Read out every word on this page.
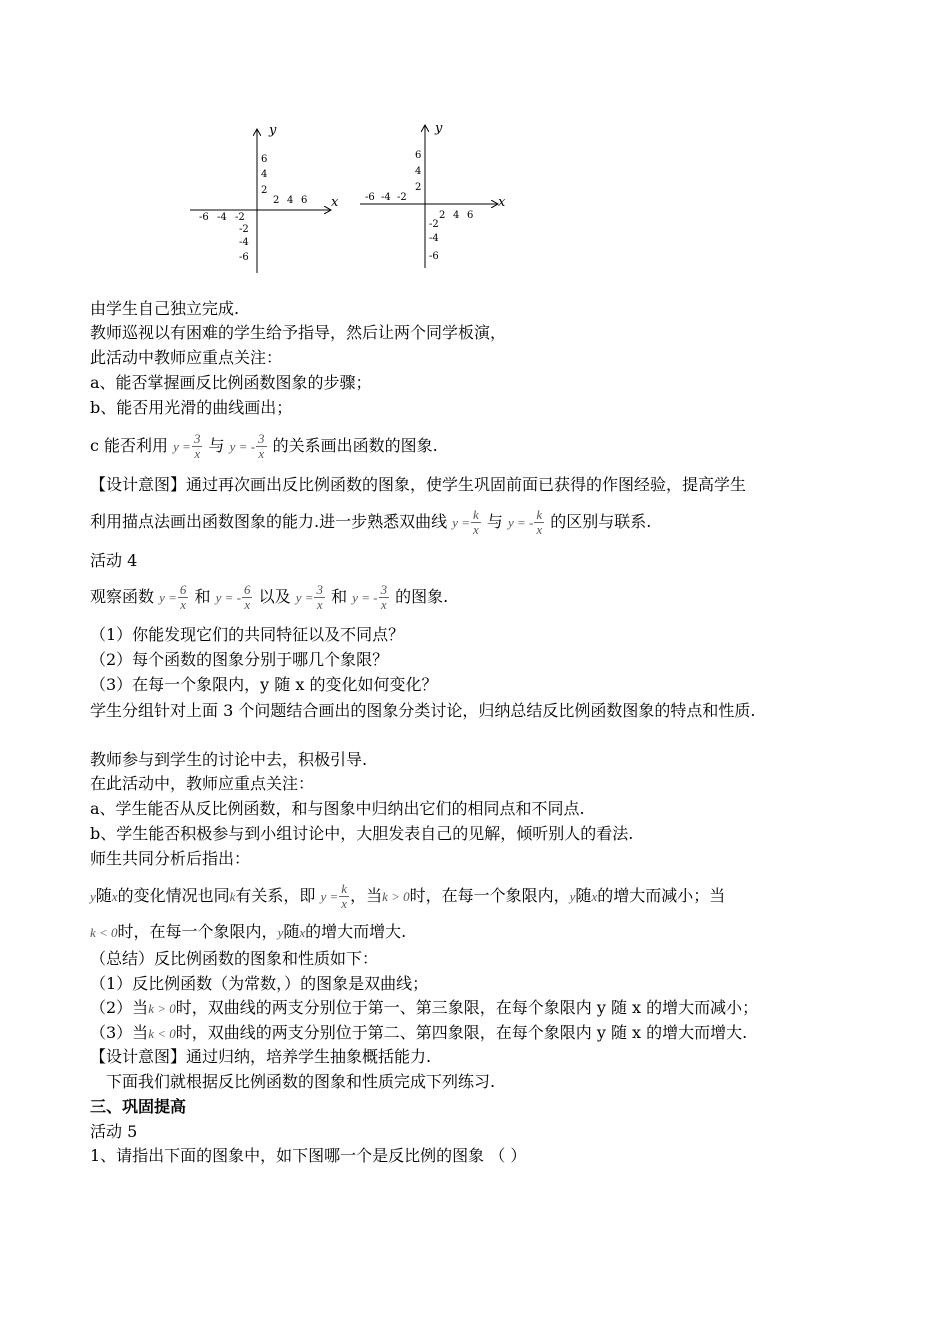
y
x
2 4 6
-6 -4 -2
6
4
2
-2
-4
-6
y
x
-6 -4 -2
2 4 6
6
4
2
-2
-4
-6
由学生自己独立完成.
教师巡视以有困难的学生给予指导，然后让两个同学板演，
此活动中教师应重点关注：
a、能否掌握画反比例函数图象的步骤；
b、能否用光滑的曲线画出；
c 能否利用 $y = \frac{3}{x}$ 与 y = - $\frac{3}{x}$ 的关系画出函数的图象.
【设计意图】通过再次画出反比例函数的图象，使学生巩固前面已获得的作图经验，提高学生
利用描点法画出函数图象的能力.进一步熟悉双曲线 $y = \frac{k}{x}$ 与 y = - $\frac{k}{x}$ 的区别与联系.
活动 4
观察函数 $y = \frac{6}{x}$ 和 y = - $\frac{6}{x}$ 以及 $y = \frac{3}{x}$ 和 y = - $\frac{3}{x}$ 的图象.
（1）你能发现它们的共同特征以及不同点？
（2）每个函数的图象分别于哪几个象限？
（3）在每一个象限内，y 随 x 的变化如何变化？
学生分组针对上面 3 个问题结合画出的图象分类讨论，归纳总结反比例函数图象的特点和性质.
教师参与到学生的讨论中去，积极引导.
在此活动中，教师应重点关注：
a、学生能否从反比例函数，和与图象中归纳出它们的相同点和不同点.
b、学生能否积极参与到小组讨论中，大胆发表自己的见解，倾听别人的看法.
师生共同分析后指出：
y随x的变化情况也同k有关系，即 $y = \frac{k}{x}$ ，当k > 0时，在每一个象限内，y随x的增大而减小；当
k < 0时，在每一个象限内，y随x的增大而增大.
（总结）反比例函数的图象和性质如下：
（1）反比例函数（为常数，）的图象是双曲线；
（2）当k > 0时，双曲线的两支分别位于第一、第三象限，在每个象限内 y 随 x 的增大而减小；
（3）当k < 0时，双曲线的两支分别位于第二、第四象限，在每个象限内 y 随 x 的增大而增大.
【设计意图】通过归纳，培养学生抽象概括能力.
下面我们就根据反比例函数的图象和性质完成下列练习.
三、巩固提高
活动 5
1、请指出下面的图象中，如下图哪一个是反比例的图象 （ ）
